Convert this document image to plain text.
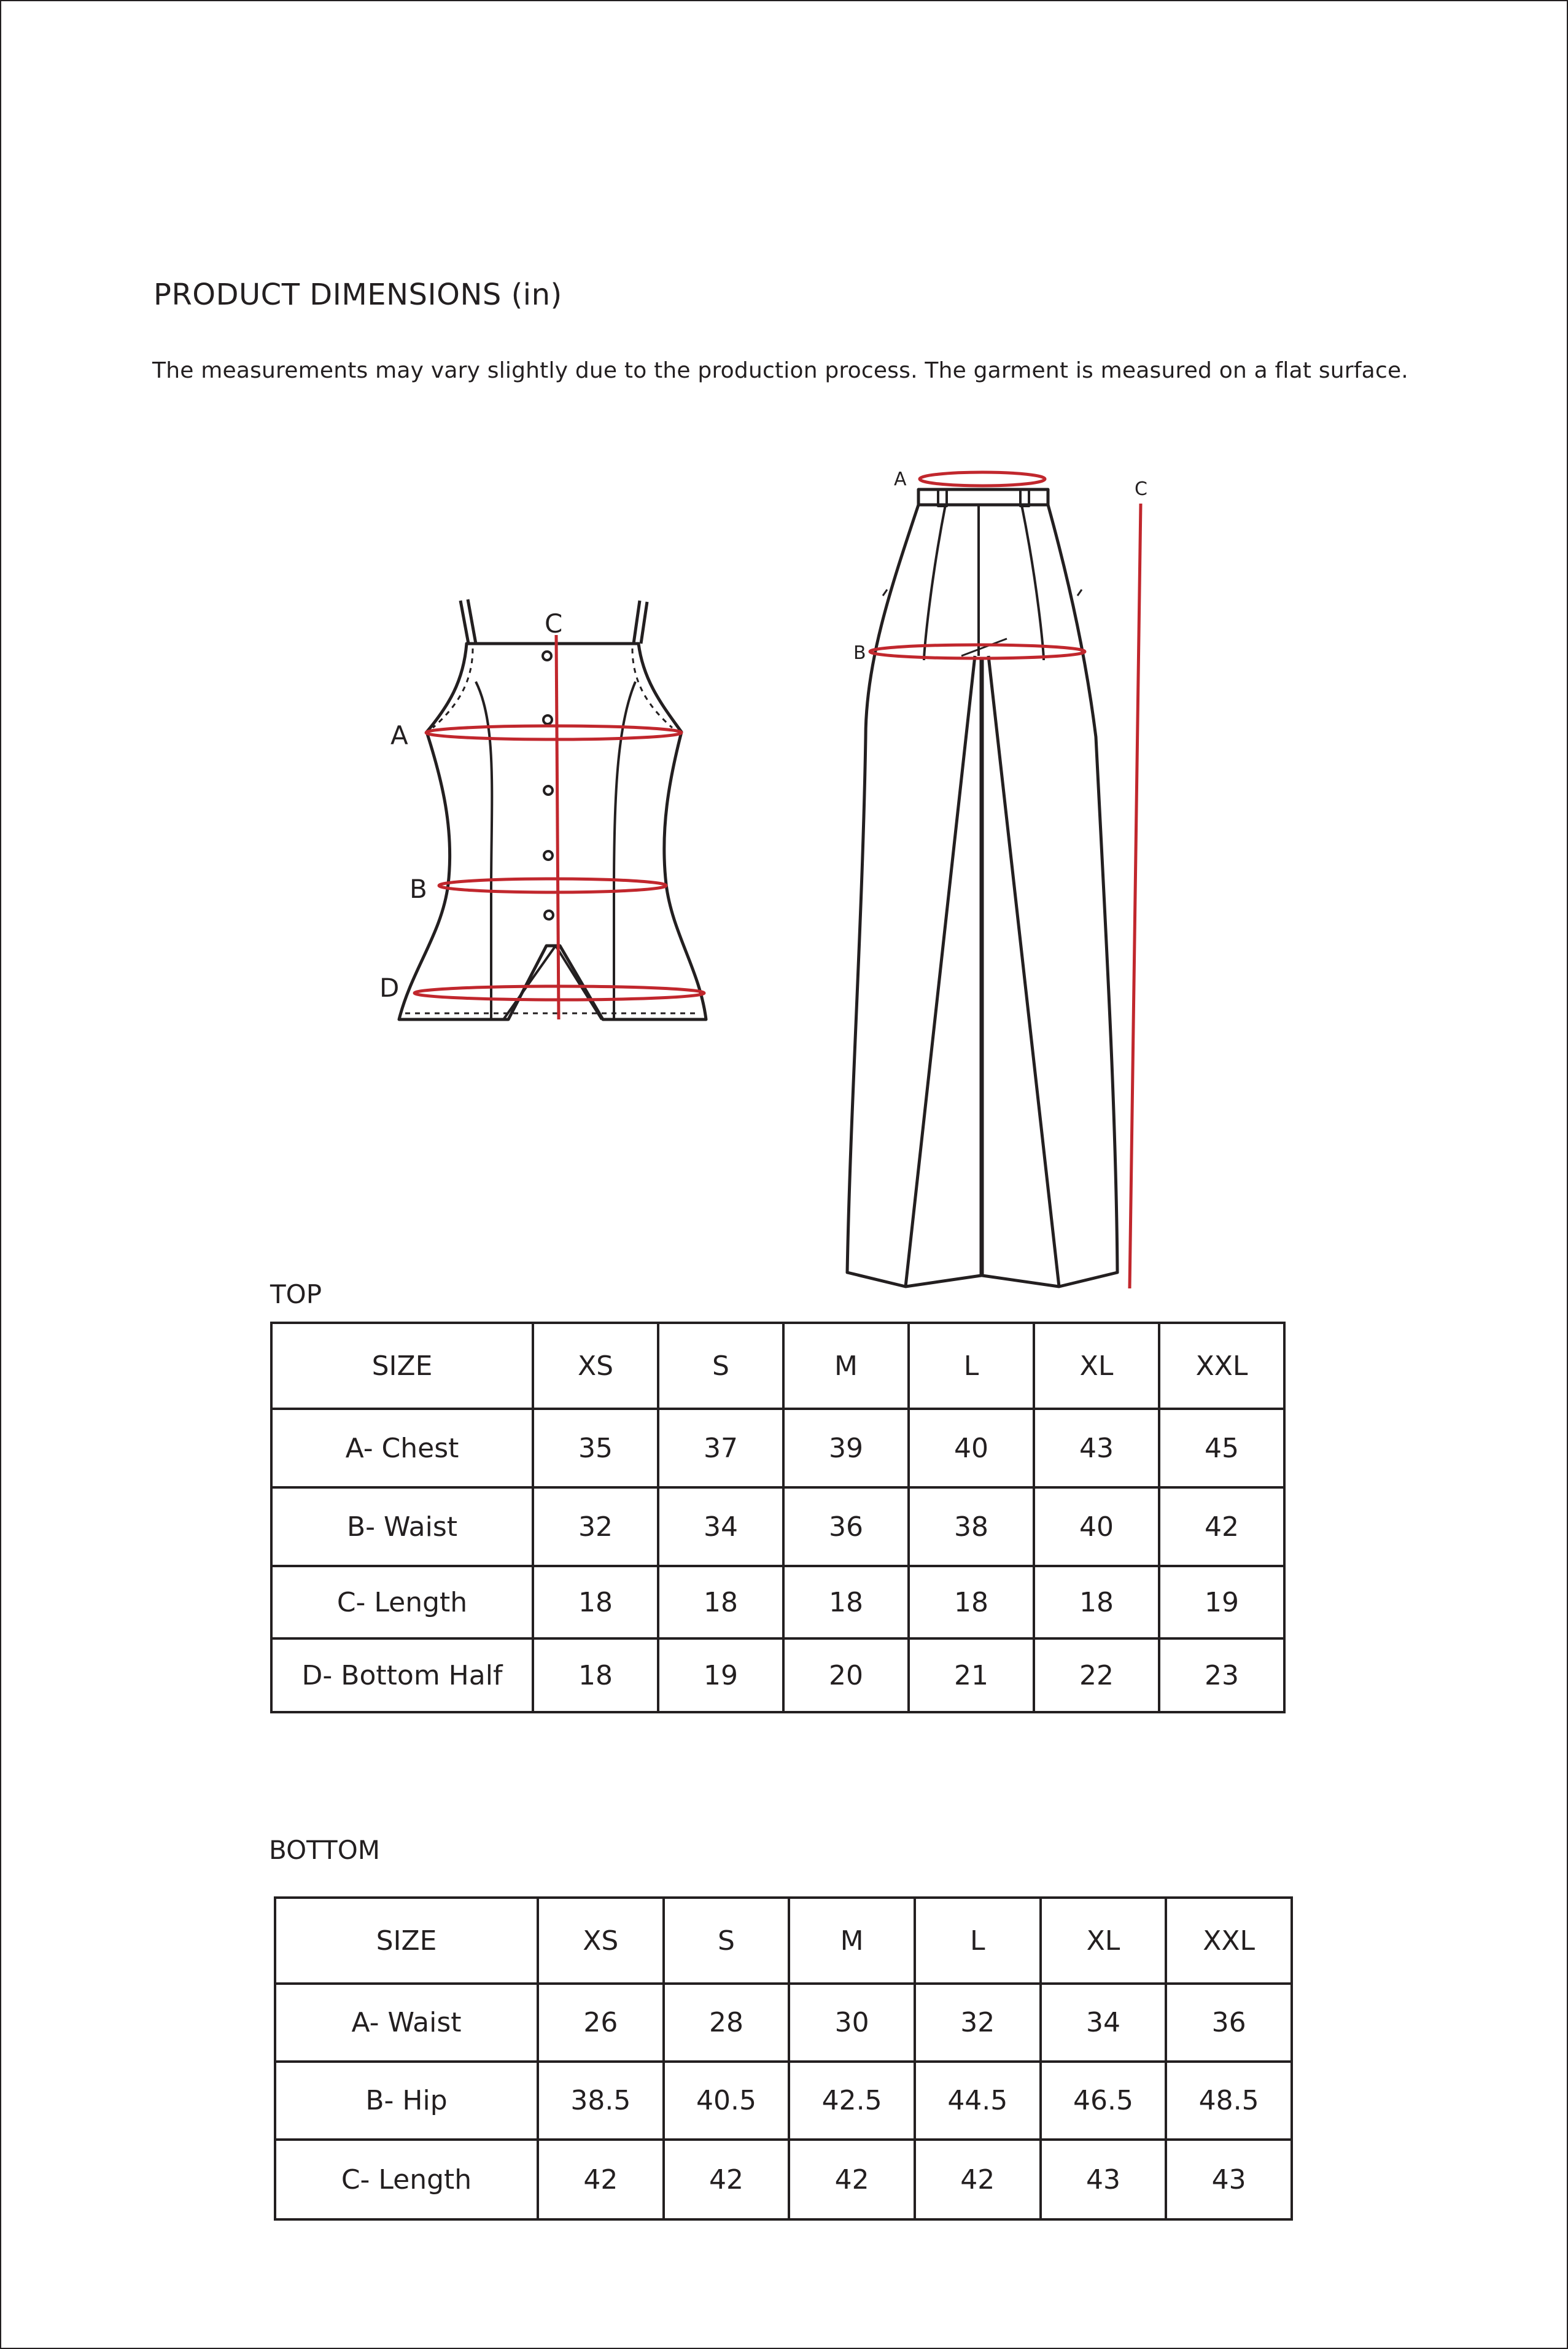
PRODUCT DIMENSIONS (in)
The measurements may vary slightly due to the production process. The garment is measured on a flat surface.
C
A
B
D
A
B
C
TOP
SIZE	XS	S	M	L	XL	XXL
A- Chest	35	37	39	40	43	45
B- Waist	32	34	36	38	40	42
C- Length	18	18	18	18	18	19
D- Bottom Half	18	19	20	21	22	23
BOTTOM
SIZE	XS	S	M	L	XL	XXL
A- Waist	26	28	30	32	34	36
B- Hip	38.5	40.5	42.5	44.5	46.5	48.5
C- Length	42	42	42	42	43	43
